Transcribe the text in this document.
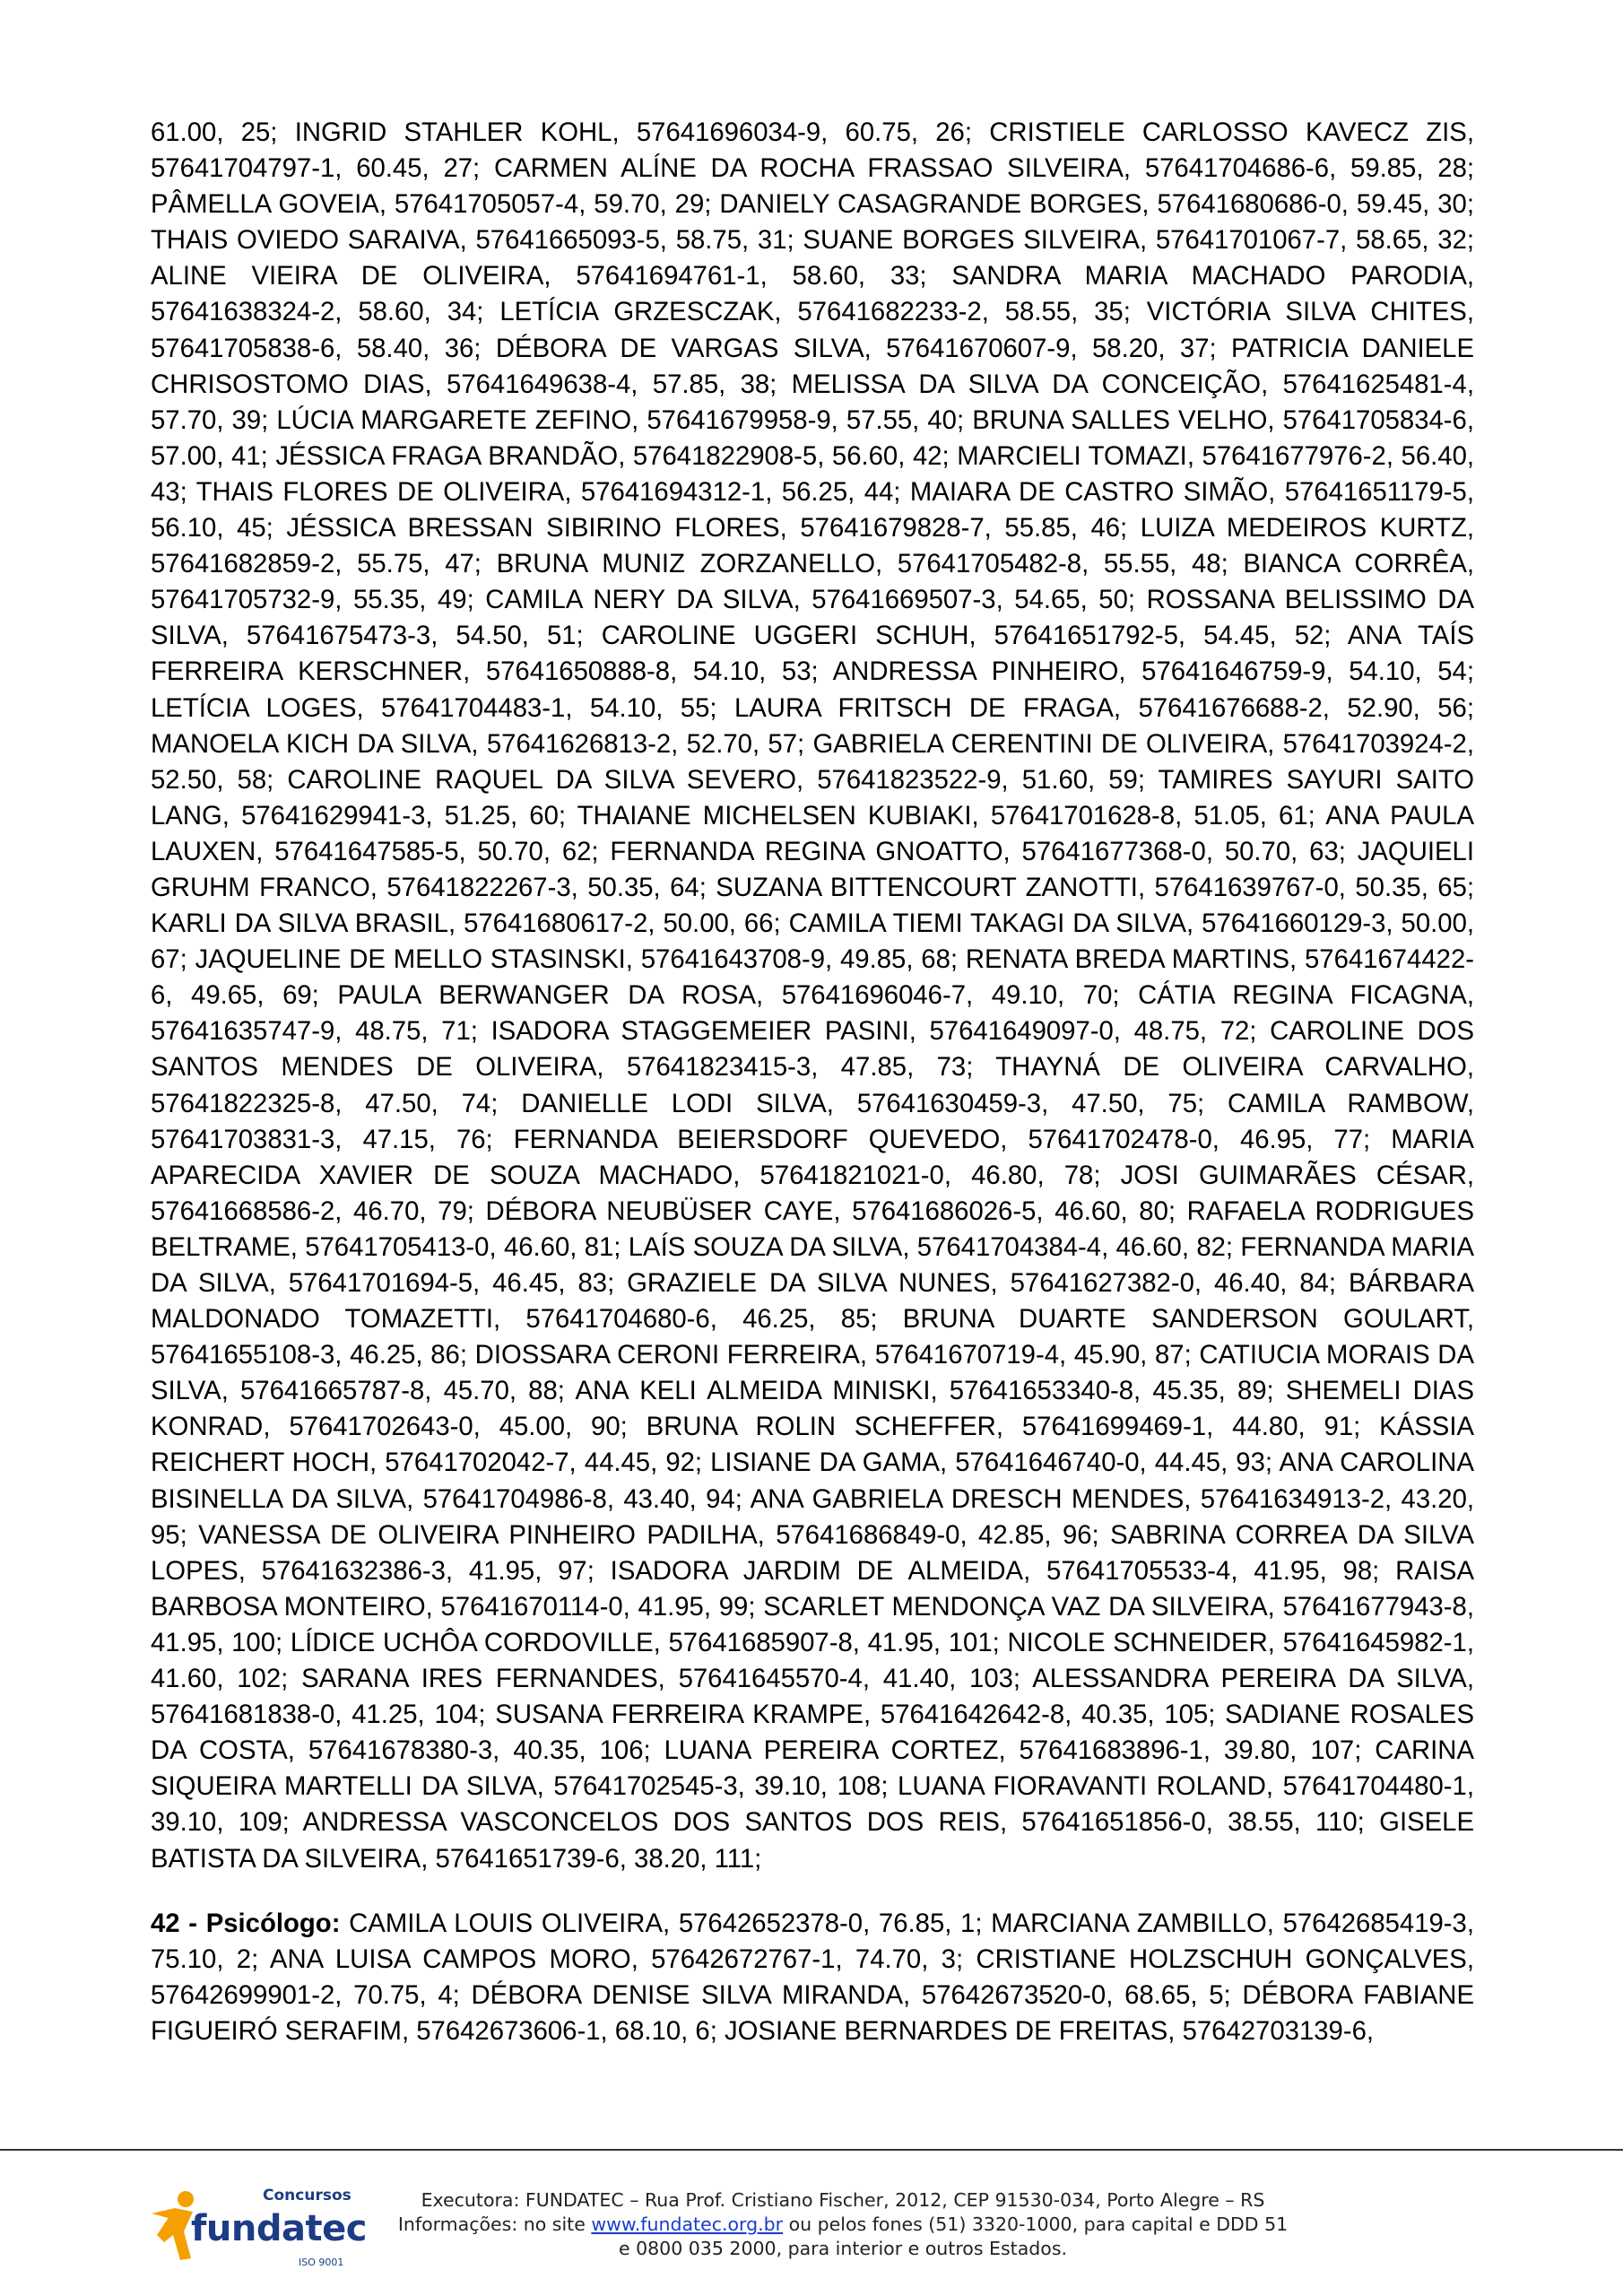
61.00, 25; INGRID STAHLER KOHL, 57641696034-9, 60.75, 26; CRISTIELE CARLOSSO KAVECZ ZIS, 57641704797-1, 60.45, 27; CARMEN ALÍNE DA ROCHA FRASSAO SILVEIRA, 57641704686-6, 59.85, 28; PÂMELLA GOVEIA, 57641705057-4, 59.70, 29; DANIELY CASAGRANDE BORGES, 57641680686-0, 59.45, 30; THAIS OVIEDO SARAIVA, 57641665093-5, 58.75, 31; SUANE BORGES SILVEIRA, 57641701067-7, 58.65, 32; ALINE VIEIRA DE OLIVEIRA, 57641694761-1, 58.60, 33; SANDRA MARIA MACHADO PARODIA, 57641638324-2, 58.60, 34; LETÍCIA GRZESCZAK, 57641682233-2, 58.55, 35; VICTÓRIA SILVA CHITES, 57641705838-6, 58.40, 36; DÉBORA DE VARGAS SILVA, 57641670607-9, 58.20, 37; PATRICIA DANIELE CHRISOSTOMO DIAS, 57641649638-4, 57.85, 38; MELISSA DA SILVA DA CONCEIÇÃO, 57641625481-4, 57.70, 39; LÚCIA MARGARETE ZEFINO, 57641679958-9, 57.55, 40; BRUNA SALLES VELHO, 57641705834-6, 57.00, 41; JÉSSICA FRAGA BRANDÃO, 57641822908-5, 56.60, 42; MARCIELI TOMAZI, 57641677976-2, 56.40, 43; THAIS FLORES DE OLIVEIRA, 57641694312-1, 56.25, 44; MAIARA DE CASTRO SIMÃO, 57641651179-5, 56.10, 45; JÉSSICA BRESSAN SIBIRINO FLORES, 57641679828-7, 55.85, 46; LUIZA MEDEIROS KURTZ, 57641682859-2, 55.75, 47; BRUNA MUNIZ ZORZANELLO, 57641705482-8, 55.55, 48; BIANCA CORRÊA, 57641705732-9, 55.35, 49; CAMILA NERY DA SILVA, 57641669507-3, 54.65, 50; ROSSANA BELISSIMO DA SILVA, 57641675473-3, 54.50, 51; CAROLINE UGGERI SCHUH, 57641651792-5, 54.45, 52; ANA TAÍS FERREIRA KERSCHNER, 57641650888-8, 54.10, 53; ANDRESSA PINHEIRO, 57641646759-9, 54.10, 54; LETÍCIA LOGES, 57641704483-1, 54.10, 55; LAURA FRITSCH DE FRAGA, 57641676688-2, 52.90, 56; MANOELA KICH DA SILVA, 57641626813-2, 52.70, 57; GABRIELA CERENTINI DE OLIVEIRA, 57641703924-2, 52.50, 58; CAROLINE RAQUEL DA SILVA SEVERO, 57641823522-9, 51.60, 59; TAMIRES SAYURI SAITO LANG, 57641629941-3, 51.25, 60; THAIANE MICHELSEN KUBIAKI, 57641701628-8, 51.05, 61; ANA PAULA LAUXEN, 57641647585-5, 50.70, 62; FERNANDA REGINA GNOATTO, 57641677368-0, 50.70, 63; JAQUIELI GRUHM FRANCO, 57641822267-3, 50.35, 64; SUZANA BITTENCOURT ZANOTTI, 57641639767-0, 50.35, 65; KARLI DA SILVA BRASIL, 57641680617-2, 50.00, 66; CAMILA TIEMI TAKAGI DA SILVA, 57641660129-3, 50.00, 67; JAQUELINE DE MELLO STASINSKI, 57641643708-9, 49.85, 68; RENATA BREDA MARTINS, 57641674422-6, 49.65, 69; PAULA BERWANGER DA ROSA, 57641696046-7, 49.10, 70; CÁTIA REGINA FICAGNA, 57641635747-9, 48.75, 71; ISADORA STAGGEMEIER PASINI, 57641649097-0, 48.75, 72; CAROLINE DOS SANTOS MENDES DE OLIVEIRA, 57641823415-3, 47.85, 73; THAYNÁ DE OLIVEIRA CARVALHO, 57641822325-8, 47.50, 74; DANIELLE LODI SILVA, 57641630459-3, 47.50, 75; CAMILA RAMBOW, 57641703831-3, 47.15, 76; FERNANDA BEIERSDORF QUEVEDO, 57641702478-0, 46.95, 77; MARIA APARECIDA XAVIER DE SOUZA MACHADO, 57641821021-0, 46.80, 78; JOSI GUIMARÃES CÉSAR, 57641668586-2, 46.70, 79; DÉBORA NEUBÜSER CAYE, 57641686026-5, 46.60, 80; RAFAELA RODRIGUES BELTRAME, 57641705413-0, 46.60, 81; LAÍS SOUZA DA SILVA, 57641704384-4, 46.60, 82; FERNANDA MARIA DA SILVA, 57641701694-5, 46.45, 83; GRAZIELE DA SILVA NUNES, 57641627382-0, 46.40, 84; BÁRBARA MALDONADO TOMAZETTI, 57641704680-6, 46.25, 85; BRUNA DUARTE SANDERSON GOULART, 57641655108-3, 46.25, 86; DIOSSARA CERONI FERREIRA, 57641670719-4, 45.90, 87; CATIUCIA MORAIS DA SILVA, 57641665787-8, 45.70, 88; ANA KELI ALMEIDA MINISKI, 57641653340-8, 45.35, 89; SHEMELI DIAS KONRAD, 57641702643-0, 45.00, 90; BRUNA ROLIN SCHEFFER, 57641699469-1, 44.80, 91; KÁSSIA REICHERT HOCH, 57641702042-7, 44.45, 92; LISIANE DA GAMA, 57641646740-0, 44.45, 93; ANA CAROLINA BISINELLA DA SILVA, 57641704986-8, 43.40, 94; ANA GABRIELA DRESCH MENDES, 57641634913-2, 43.20, 95; VANESSA DE OLIVEIRA PINHEIRO PADILHA, 57641686849-0, 42.85, 96; SABRINA CORREA DA SILVA LOPES, 57641632386-3, 41.95, 97; ISADORA JARDIM DE ALMEIDA, 57641705533-4, 41.95, 98; RAISA BARBOSA MONTEIRO, 57641670114-0, 41.95, 99; SCARLET MENDONÇA VAZ DA SILVEIRA, 57641677943-8, 41.95, 100; LÍDICE UCHÔA CORDOVILLE, 57641685907-8, 41.95, 101; NICOLE SCHNEIDER, 57641645982-1, 41.60, 102; SARANA IRES FERNANDES, 57641645570-4, 41.40, 103; ALESSANDRA PEREIRA DA SILVA, 57641681838-0, 41.25, 104; SUSANA FERREIRA KRAMPE, 57641642642-8, 40.35, 105; SADIANE ROSALES DA COSTA, 57641678380-3, 40.35, 106; LUANA PEREIRA CORTEZ, 57641683896-1, 39.80, 107; CARINA SIQUEIRA MARTELLI DA SILVA, 57641702545-3, 39.10, 108; LUANA FIORAVANTI ROLAND, 57641704480-1, 39.10, 109; ANDRESSA VASCONCELOS DOS SANTOS DOS REIS, 57641651856-0, 38.55, 110; GISELE BATISTA DA SILVEIRA, 57641651739-6, 38.20, 111;

42 - Psicólogo: CAMILA LOUIS OLIVEIRA, 57642652378-0, 76.85, 1; MARCIANA ZAMBILLO, 57642685419-3, 75.10, 2; ANA LUISA CAMPOS MORO, 57642672767-1, 74.70, 3; CRISTIANE HOLZSCHUH GONÇALVES, 57642699901-2, 70.75, 4; DÉBORA DENISE SILVA MIRANDA, 57642673520-0, 68.65, 5; DÉBORA FABIANE FIGUEIRÓ SERAFIM, 57642673606-1, 68.10, 6; JOSIANE BERNARDES DE FREITAS, 57642703139-6,

Concursos
fundatec
ISO 9001
Executora: FUNDATEC – Rua Prof. Cristiano Fischer, 2012, CEP 91530-034, Porto Alegre – RS
Informações: no site www.fundatec.org.br ou pelos fones (51) 3320-1000, para capital e DDD 51
e 0800 035 2000, para interior e outros Estados.
